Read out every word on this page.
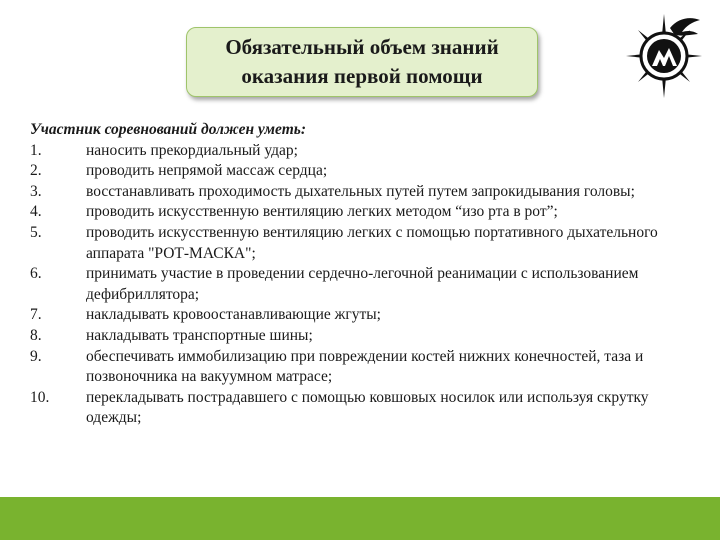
Обязательный объем знаний
оказания первой помощи
Участник соревнований должен уметь:
1.	наносить прекордиальный удар;
2.	проводить непрямой массаж сердца;
3.	восстанавливать проходимость дыхательных путей путем запрокидывания головы;
4.	проводить искусственную вентиляцию легких методом “изо рта в рот”;
5.	проводить искусственную вентиляцию легких с помощью портативного дыхательного аппарата "РОТ-МАСКА";
6.	принимать участие в проведении сердечно-легочной реанимации с использованием дефибриллятора;
7.	накладывать кровоостанавливающие жгуты;
8.	накладывать транспортные шины;
9.	обеспечивать иммобилизацию при повреждении костей нижних конечностей, таза и позвоночника на вакуумном матрасе;
10. перекладывать пострадавшего с помощью ковшовых носилок или используя скрутку одежды;
